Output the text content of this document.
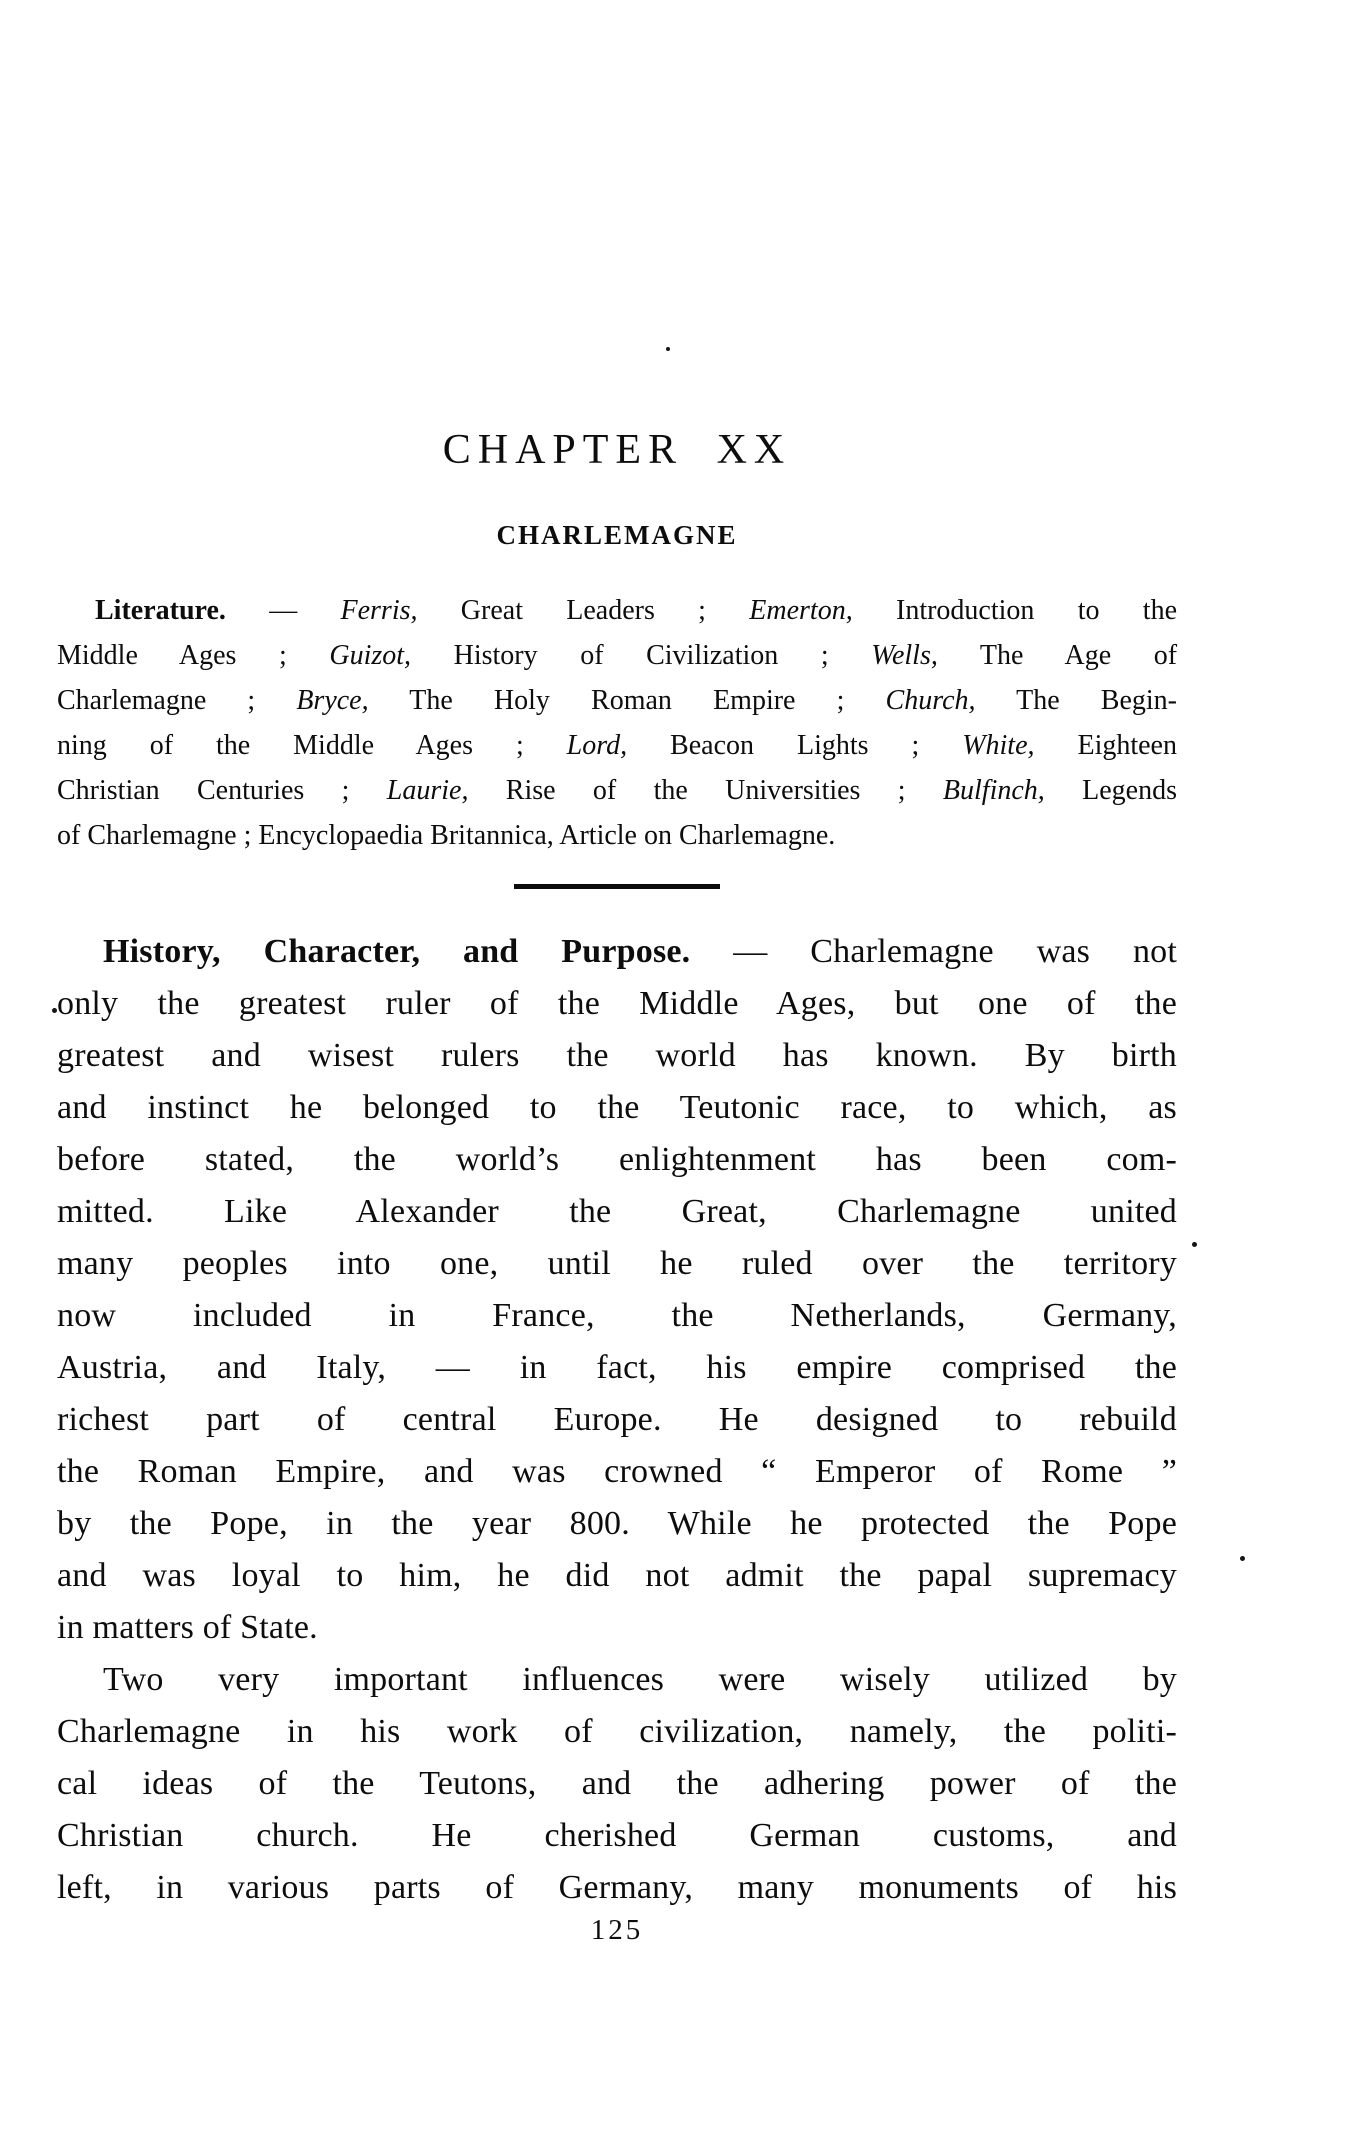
CHAPTER XX
CHARLEMAGNE
Literature. — Ferris, Great Leaders ; Emerton, Introduction to the
Middle Ages ; Guizot, History of Civilization ; Wells, The Age of
Charlemagne ; Bryce, The Holy Roman Empire ; Church, The Begin-
ning of the Middle Ages ; Lord, Beacon Lights ; White, Eighteen
Christian Centuries ; Laurie, Rise of the Universities ; Bulfinch, Legends
of Charlemagne ; Encyclopaedia Britannica, Article on Charlemagne.
History, Character, and Purpose. — Charlemagne was not
only the greatest ruler of the Middle Ages, but one of the
greatest and wisest rulers the world has known. By birth
and instinct he belonged to the Teutonic race, to which, as
before stated, the world’s enlightenment has been com-
mitted. Like Alexander the Great, Charlemagne united
many peoples into one, until he ruled over the territory
now included in France, the Netherlands, Germany,
Austria, and Italy, — in fact, his empire comprised the
richest part of central Europe. He designed to rebuild
the Roman Empire, and was crowned “ Emperor of Rome ”
by the Pope, in the year 800. While he protected the Pope
and was loyal to him, he did not admit the papal supremacy
in matters of State.
Two very important influences were wisely utilized by
Charlemagne in his work of civilization, namely, the politi-
cal ideas of the Teutons, and the adhering power of the
Christian church. He cherished German customs, and
left, in various parts of Germany, many monuments of his
125
